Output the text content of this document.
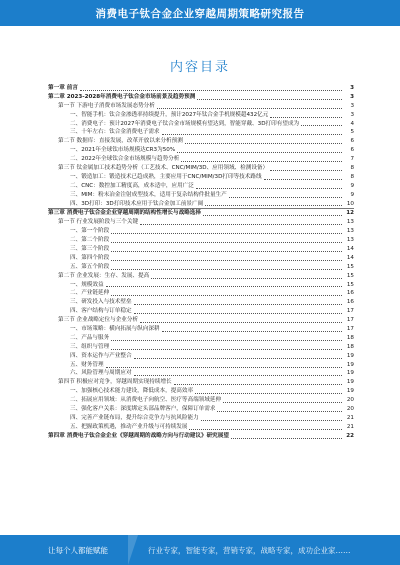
消费电子钛合金企业穿越周期策略研究报告
内容目录
第一章 前言	3
第二章 2023-2028年消费电子钛合金市场前景及趋势预测	3
第一节 下游电子消费市场发展态势分析	3
一、智能手机：钛合金渗透率持续提升，预计2027年钛合金手机规模超432亿元	3
二、消费电子：预计2027年消费电子钛合金市场规模有望达到，智能穿戴、3D打印有望成为	4
三、十年左右：钛合金消费电子需求	5
第二节 数据库：直接发展，改革开放以来分析预测	6
一、2021年全球钛市场规模达CR3为50%	6
二、2022年全球钛合金市场规模与趋势分析	7
第三节 钛金属加工技术趋势分析（工艺技术、CNC/MIM/3D、应用领域、检测设备）	8
一、锻造加工：锻造技术已趋成熟，主要应用于CNC/MIM/3D打印等技术路线	8
二、CNC：数控加工精度高，成本适中，应用广泛	9
三、MIM：粉末冶金注射成型技术，适用于复杂结构件批量生产	9
四、3D打印：3D打印技术应用于钛合金加工前景广阔	10
第三章 消费电子钛合金企业穿越周期的结构性增长与战略选择	12
第一节 行业发展阶段与三个关键	13
一、第一个阶段	13
二、第二个阶段	13
三、第三个阶段	14
四、第四个阶段	14
五、第五个阶段	15
第二节 企业发展：生存、发展、提高	15
一、规模效益	15
二、产业链延伸	16
三、研发投入与技术壁垒	16
四、客户结构与订单稳定	17
第三节 企业战略定位与企业分析	17
一、市场策略：横向拓展与纵向深耕	17
二、产品与服务	18
三、组织与管理	18
四、资本运作与产业整合	19
五、财务管理	19
六、风险管理与周期应对	19
第四节 积极应对竞争，穿越周期实现持续增长	19
一、加强核心技术能力建设，降低成本，提高效率	19
二、拓展应用领域：从消费电子向航空、医疗等高端领域延伸	20
三、强化客户关系：深度绑定头部品牌客户，保障订单需求	20
四、完善产业链布局，提升综合竞争力与抗风险能力	21
五、把握政策机遇，推动产业升级与可持续发展	21
第四章 消费电子钛合金企业《穿越周期的战略方向与行动建议》研究展望	22
让每个人都能赋能	行业专家，智能专家，营销专家，战略专家，成功企业家……
